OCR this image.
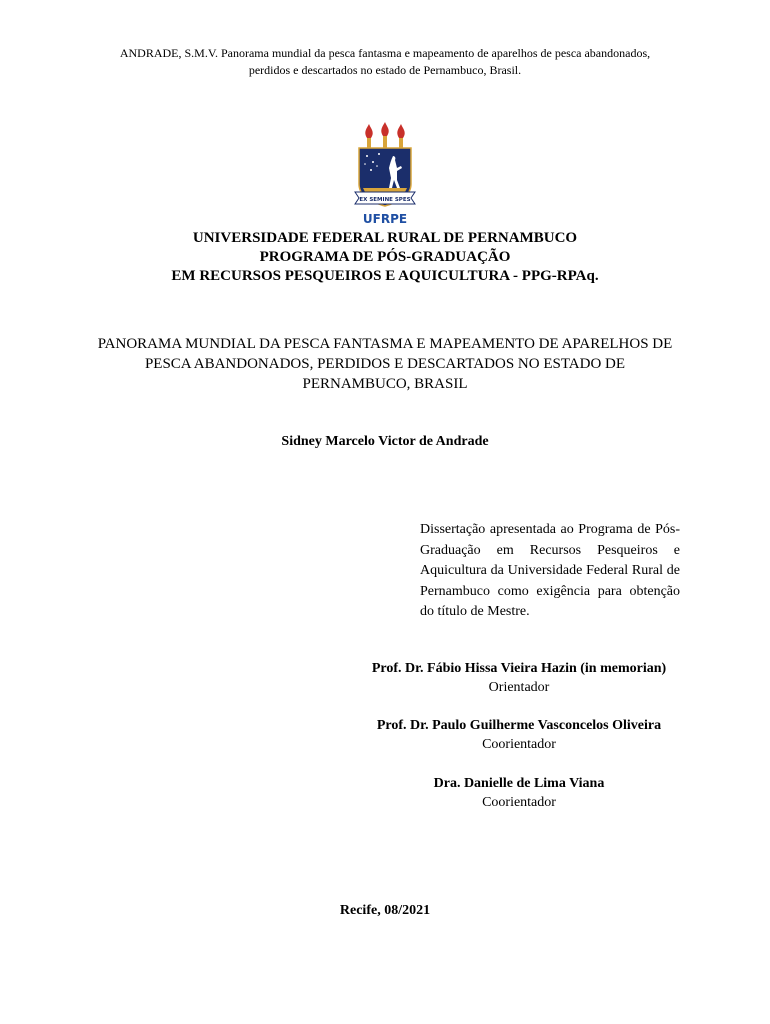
ANDRADE, S.M.V. Panorama mundial da pesca fantasma e mapeamento de aparelhos de pesca abandonados,
perdidos e descartados no estado de Pernambuco, Brasil.
EX SEMINE SPES
UFRPE
UNIVERSIDADE FEDERAL RURAL DE PERNAMBUCO
PROGRAMA DE PÓS-GRADUAÇÃO
EM RECURSOS PESQUEIROS E AQUICULTURA - PPG-RPAq.
PANORAMA MUNDIAL DA PESCA FANTASMA E MAPEAMENTO DE APARELHOS DE
PESCA ABANDONADOS, PERDIDOS E DESCARTADOS NO ESTADO DE
PERNAMBUCO, BRASIL
Sidney Marcelo Victor de Andrade
Dissertação apresentada ao Programa de Pós-Graduação em Recursos Pesqueiros e Aquicultura da Universidade Federal Rural de Pernambuco como exigência para obtenção do título de Mestre.
Prof. Dr. Fábio Hissa Vieira Hazin (in memorian)
Orientador
Prof. Dr. Paulo Guilherme Vasconcelos Oliveira
Coorientador
Dra. Danielle de Lima Viana
Coorientador
Recife, 08/2021
